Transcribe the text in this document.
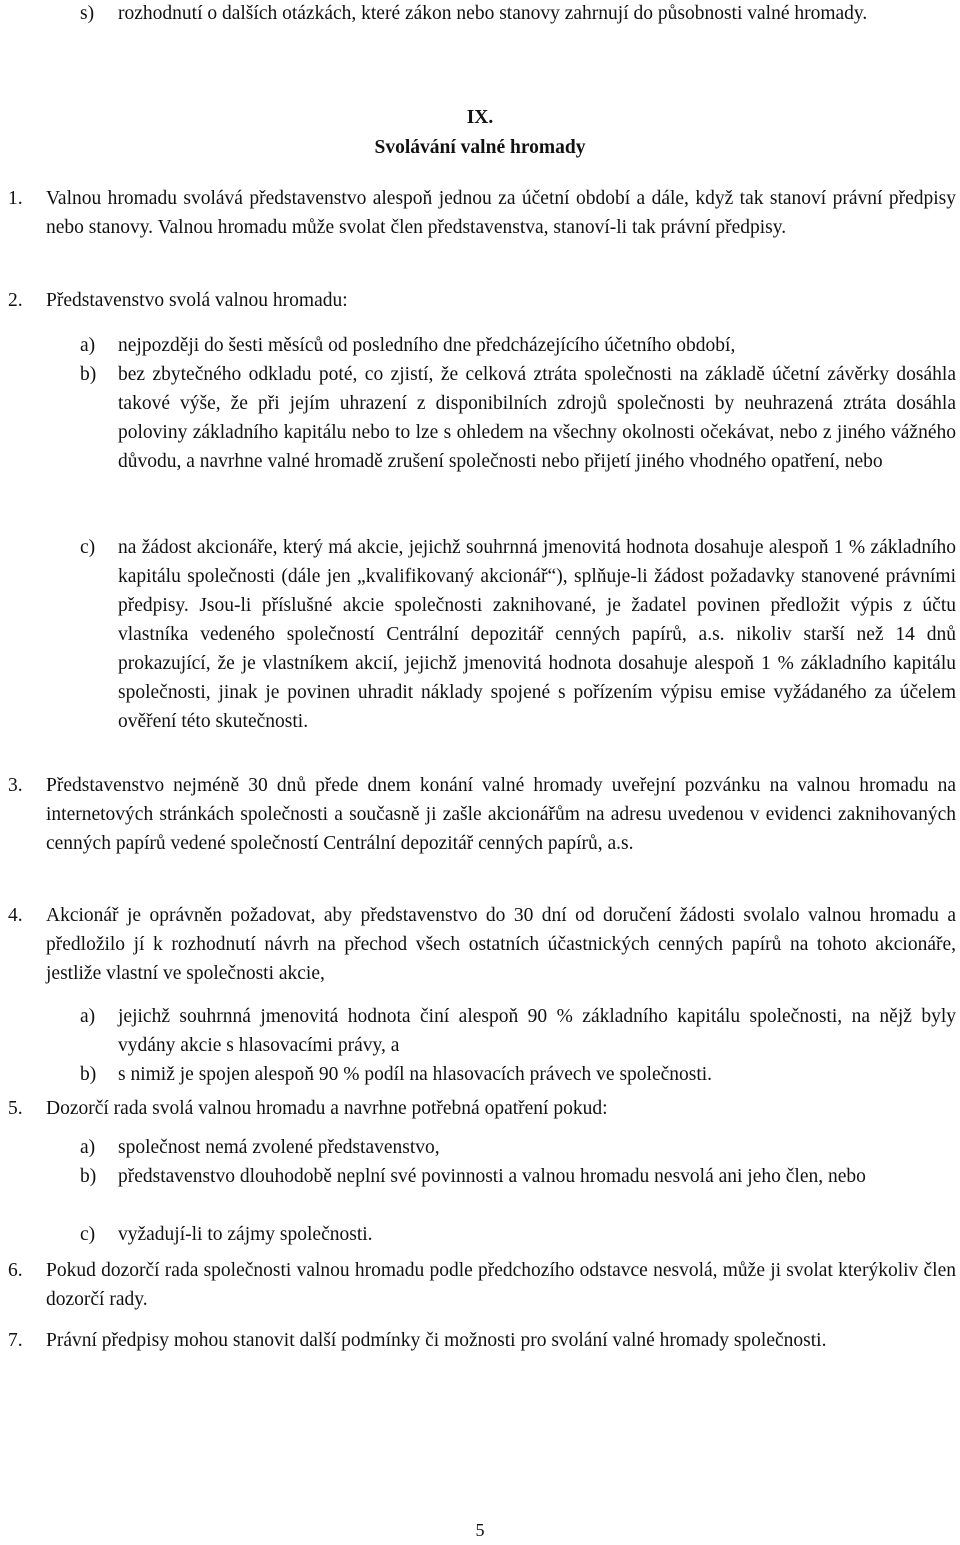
s) rozhodnutí o dalších otázkách, které zákon nebo stanovy zahrnují do působnosti valné hromady.
IX.
Svolávání valné hromady
1. Valnou hromadu svolává představenstvo alespoň jednou za účetní období a dále, když tak stanoví právní předpisy nebo stanovy. Valnou hromadu může svolat člen představenstva, stanoví-li tak právní předpisy.
2. Představenstvo svolá valnou hromadu:
a) nejpozději do šesti měsíců od posledního dne předcházejícího účetního období,
b) bez zbytečného odkladu poté, co zjistí, že celková ztráta společnosti na základě účetní závěrky dosáhla takové výše, že při jejím uhrazení z disponibilních zdrojů společnosti by neuhrazená ztráta dosáhla poloviny základního kapitálu nebo to lze s ohledem na všechny okolnosti očekávat, nebo z jiného vážného důvodu, a navrhne valné hromadě zrušení společnosti nebo přijetí jiného vhodného opatření, nebo
c) na žádost akcionáře, který má akcie, jejichž souhrnná jmenovitá hodnota dosahuje alespoň 1 % základního kapitálu společnosti (dále jen „kvalifikovaný akcionář“), splňuje-li žádost požadavky stanovené právními předpisy. Jsou-li příslušné akcie společnosti zaknihované, je žadatel povinen předložit výpis z účtu vlastníka vedeného společností Centrální depozitář cenných papírů, a.s. nikoliv starší než 14 dnů prokazující, že je vlastníkem akcií, jejichž jmenovitá hodnota dosahuje alespoň 1 % základního kapitálu společnosti, jinak je povinen uhradit náklady spojené s pořízením výpisu emise vyžádaného za účelem ověření této skutečnosti.
3. Představenstvo nejméně 30 dnů přede dnem konání valné hromady uveřejní pozvánku na valnou hromadu na internetových stránkách společnosti a současně ji zašle akcionářům na adresu uvedenou v evidenci zaknihovaných cenných papírů vedené společností Centrální depozitář cenných papírů, a.s.
4. Akcionář je oprávněn požadovat, aby představenstvo do 30 dní od doručení žádosti svolalo valnou hromadu a předložilo jí k rozhodnutí návrh na přechod všech ostatních účastnických cenných papírů na tohoto akcionáře, jestliže vlastní ve společnosti akcie,
a) jejichž souhrnná jmenovitá hodnota činí alespoň 90 % základního kapitálu společnosti, na nějž byly vydány akcie s hlasovacími právy, a
b) s nimiž je spojen alespoň 90 % podíl na hlasovacích právech ve společnosti.
5. Dozorčí rada svolá valnou hromadu a navrhne potřebná opatření pokud:
a) společnost nemá zvolené představenstvo,
b) představenstvo dlouhodobě neplní své povinnosti a valnou hromadu nesvolá ani jeho člen, nebo
c) vyžadují-li to zájmy společnosti.
6. Pokud dozorčí rada společnosti valnou hromadu podle předchozího odstavce nesvolá, může ji svolat kterýkoliv člen dozorčí rady.
7. Právní předpisy mohou stanovit další podmínky či možnosti pro svolání valné hromady společnosti.
5
